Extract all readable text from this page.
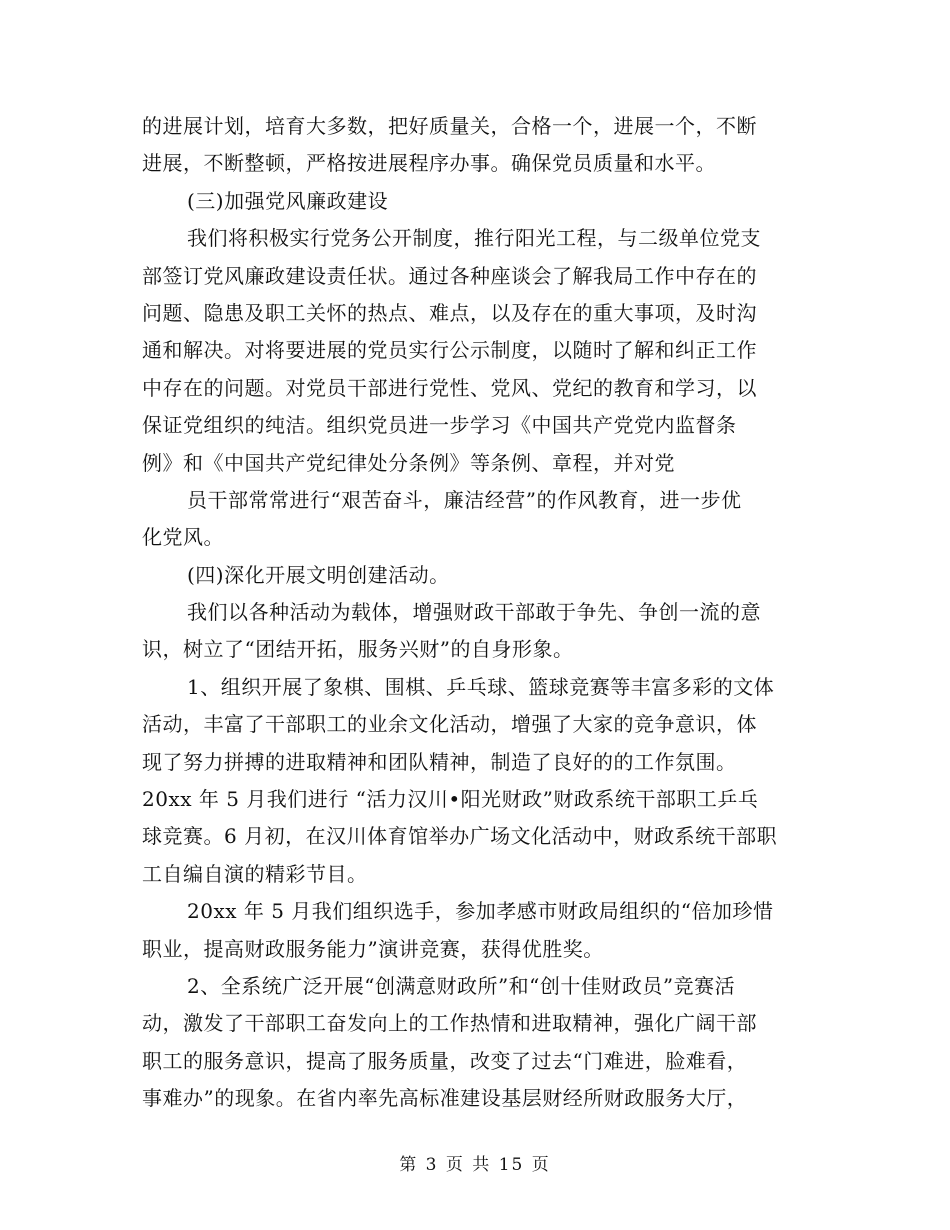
的进展计划，培育大多数，把好质量关，合格一个，进展一个，不断
进展，不断整顿，严格按进展程序办事。确保党员质量和水平。
(三)加强党风廉政建设
我们将积极实行党务公开制度，推行阳光工程，与二级单位党支
部签订党风廉政建设责任状。通过各种座谈会了解我局工作中存在的
问题、隐患及职工关怀的热点、难点，以及存在的重大事项，及时沟
通和解决。对将要进展的党员实行公示制度，以随时了解和纠正工作
中存在的问题。对党员干部进行党性、党风、党纪的教育和学习，以
保证党组织的纯洁。组织党员进一步学习《中国共产党党内监督条
例》和《中国共产党纪律处分条例》等条例、章程，并对党
员干部常常进行“艰苦奋斗，廉洁经营”的作风教育，进一步优
化党风。
(四)深化开展文明创建活动。
我们以各种活动为载体，增强财政干部敢于争先、争创一流的意
识，树立了“团结开拓，服务兴财”的自身形象。
1、组织开展了象棋、围棋、乒乓球、篮球竞赛等丰富多彩的文体
活动，丰富了干部职工的业余文化活动，增强了大家的竞争意识，体
现了努力拼搏的进取精神和团队精神，制造了良好的的工作氛围。
20xx 年 5 月我们进行 “活力汉川•阳光财政”财政系统干部职工乒乓
球竞赛。6 月初，在汉川体育馆举办广场文化活动中，财政系统干部职
工自编自演的精彩节目。
20xx 年 5 月我们组织选手，参加孝感市财政局组织的“倍加珍惜
职业，提高财政服务能力”演讲竞赛，获得优胜奖。
2、全系统广泛开展“创满意财政所”和“创十佳财政员”竞赛活
动，激发了干部职工奋发向上的工作热情和进取精神，强化广阔干部
职工的服务意识，提高了服务质量，改变了过去“门难进，脸难看，
事难办”的现象。在省内率先高标准建设基层财经所财政服务大厅，
第 3 页 共 15 页
